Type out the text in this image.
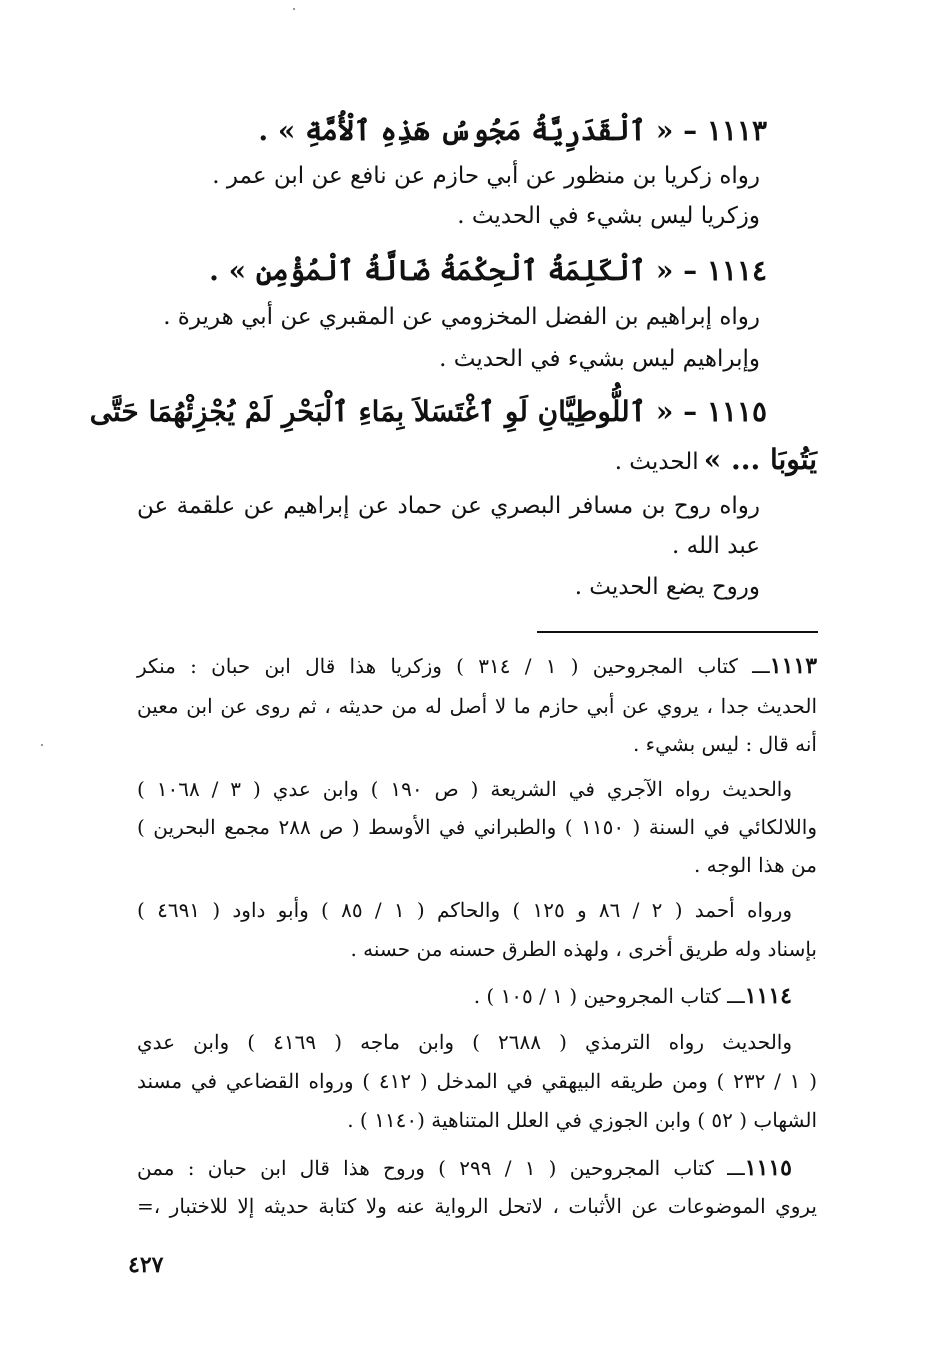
١١١٣ – « ٱلْقَدَرِيَّةُ مَجُوسُ هَذِهِ ٱلْأُمَّةِ » .
رواه زكريا بن منظور عن أبي حازم عن نافع عن ابن عمر .
وزكريا ليس بشيء في الحديث .
١١١٤ – « ٱلْكَلِمَةُ ٱلْحِكْمَةُ ضَالَّةُ ٱلْمُؤْمِنِ » .
رواه إبراهيم بن الفضل المخزومي عن المقبري عن أبي هريرة .
وإبراهيم ليس بشيء في الحديث .
١١١٥ – « ٱللُّوطِيَّانِ لَوِ ٱغْتَسَلاَ بِمَاءِ ٱلْبَحْرِ لَمْ يُجْزِئْهُمَا حَتَّى
يَتُوبَا ... » الحديث .
رواه روح بن مسافر البصري عن حماد عن إبراهيم عن علقمة عن
عبد الله .
وروح يضع الحديث .
١١١٣ـــ كتاب المجروحين ( ١ / ٣١٤ ) وزكريا هذا قال ابن حبان : منكر
الحديث جدا ، يروي عن أبي حازم ما لا أصل له من حديثه ، ثم روى عن ابن معين
أنه قال : ليس بشيء .
والحديث رواه الآجري في الشريعة ( ص ١٩٠ ) وابن عدي ( ٣ / ١٠٦٨ )
واللالكائي في السنة ( ١١٥٠ ) والطبراني في الأوسط ( ص ٢٨٨ مجمع البحرين )
من هذا الوجه .
ورواه أحمد ( ٢ / ٨٦ و ١٢٥ ) والحاكم ( ١ / ٨٥ ) وأبو داود ( ٤٦٩١ )
بإسناد وله طريق أخرى ، ولهذه الطرق حسنه من حسنه .
١١١٤ـــ كتاب المجروحين ( ١ / ١٠٥ ) .
والحديث رواه الترمذي ( ٢٦٨٨ ) وابن ماجه ( ٤١٦٩ ) وابن عدي
( ١ / ٢٣٢ ) ومن طريقه البيهقي في المدخل ( ٤١٢ ) ورواه القضاعي في مسند
الشهاب ( ٥٢ ) وابن الجوزي في العلل المتناهية (١١٤٠ ) .
١١١٥ـــ كتاب المجروحين ( ١ / ٢٩٩ ) وروح هذا قال ابن حبان : ممن
يروي الموضوعات عن الأثبات ، لاتحل الرواية عنه ولا كتابة حديثه إلا للاختبار ،=
٤٢٧
